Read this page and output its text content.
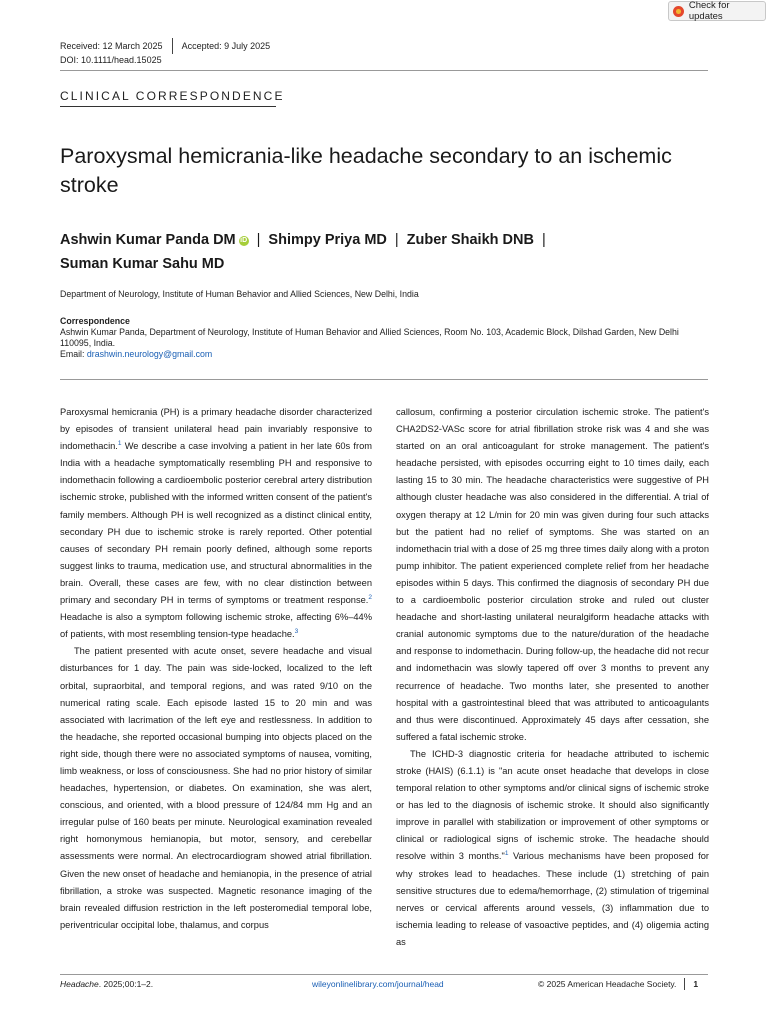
Check for updates
Received: 12 March 2025 Accepted: 9 July 2025
DOI: 10.1111/head.15025
CLINICAL CORRESPONDENCE
Paroxysmal hemicrania-like headache secondary to an ischemic stroke
Ashwin Kumar Panda DM iD | Shimpy Priya MD | Zuber Shaikh DNB |
Suman Kumar Sahu MD
Department of Neurology, Institute of Human Behavior and Allied Sciences, New Delhi, India
Correspondence
Ashwin Kumar Panda, Department of Neurology, Institute of Human Behavior and Allied Sciences, Room No. 103, Academic Block, Dilshad Garden, New Delhi 110095, India.
Email: drashwin.neurology@gmail.com

Paroxysmal hemicrania (PH) is a primary headache disorder characterized by episodes of transient unilateral head pain invariably responsive to indomethacin.$^1$ We describe a case involving a patient in her late 60s from India with a headache symptomatically resembling PH and responsive to indomethacin following a cardioembolic posterior cerebral artery distribution ischemic stroke, published with the informed written consent of the patient's family members. Although PH is well recognized as a distinct clinical entity, secondary PH due to ischemic stroke is rarely reported. Other potential causes of secondary PH remain poorly defined, although some reports suggest links to trauma, medication use, and structural abnormalities in the brain. Overall, these cases are few, with no clear distinction between primary and secondary PH in terms of symptoms or treatment response.$^2$ Headache is also a symptom following ischemic stroke, affecting 6%–44% of patients, with most resembling tension-type headache.$^3$

The patient presented with acute onset, severe headache and visual disturbances for 1 day. The pain was side-locked, localized to the left orbital, supraorbital, and temporal regions, and was rated 9/10 on the numerical rating scale. Each episode lasted 15 to 20 min and was associated with lacrimation of the left eye and restlessness. In addition to the headache, she reported occasional bumping into objects placed on the right side, though there were no associated symptoms of nausea, vomiting, limb weakness, or loss of consciousness. She had no prior history of similar headaches, hypertension, or diabetes. On examination, she was alert, conscious, and oriented, with a blood pressure of 124/84 mm Hg and an irregular pulse of 160 beats per minute. Neurological examination revealed right homonymous hemianopia, but motor, sensory, and cerebellar assessments were normal. An electrocardiogram showed atrial fibrillation. Given the new onset of headache and hemianopia, in the presence of atrial fibrillation, a stroke was suspected. Magnetic resonance imaging of the brain revealed diffusion restriction in the left posteromedial temporal lobe, periventricular occipital lobe, thalamus, and corpus

callosum, confirming a posterior circulation ischemic stroke. The patient's CHA2DS2-VASc score for atrial fibrillation stroke risk was 4 and she was started on an oral anticoagulant for stroke management. The patient's headache persisted, with episodes occurring eight to 10 times daily, each lasting 15 to 30 min. The headache characteristics were suggestive of PH although cluster headache was also considered in the differential. A trial of oxygen therapy at 12 L/min for 20 min was given during four such attacks but the patient had no relief of symptoms. She was started on an indomethacin trial with a dose of 25 mg three times daily along with a proton pump inhibitor. The patient experienced complete relief from her headache episodes within 5 days. This confirmed the diagnosis of secondary PH due to a cardioembolic posterior circulation stroke and ruled out cluster headache and short-lasting unilateral neuralgiform headache attacks with cranial autonomic symptoms due to the nature/duration of the headache and response to indomethacin. During follow-up, the headache did not recur and indomethacin was slowly tapered off over 3 months to prevent any recurrence of headache. Two months later, she presented to another hospital with a gastrointestinal bleed that was attributed to anticoagulants and thus were discontinued. Approximately 45 days after cessation, she suffered a fatal ischemic stroke.

The ICHD-3 diagnostic criteria for headache attributed to ischemic stroke (HAIS) (6.1.1) is "an acute onset headache that develops in close temporal relation to other symptoms and/or clinical signs of ischemic stroke or has led to the diagnosis of ischemic stroke. It should also significantly improve in parallel with stabilization or improvement of other symptoms or clinical or radiological signs of ischemic stroke. The headache should resolve within 3 months."$^1$ Various mechanisms have been proposed for why strokes lead to headaches. These include (1) stretching of pain sensitive structures due to edema/hemorrhage, (2) stimulation of trigeminal nerves or cervical afferents around vessels, (3) inflammation due to ischemia leading to release of vasoactive peptides, and (4) oligemia acting as

Headache. 2025;00:1–2.	wileyonlinelibrary.com/journal/head	© 2025 American Headache Society. 1
